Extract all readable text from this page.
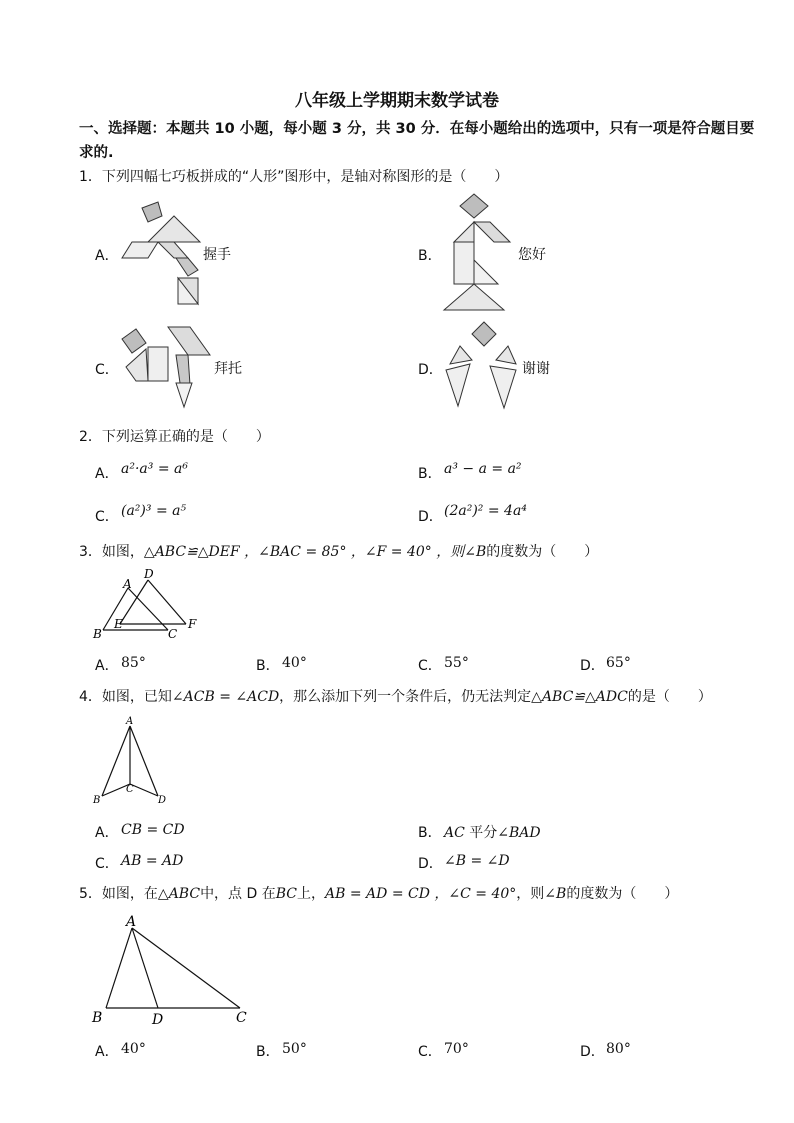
八年级上学期期末数学试卷
一、选择题：本题共 10 小题，每小题 3 分，共 30 分．在每小题给出的选项中，只有一项是符合题目要求的.
1．下列四幅七巧板拼成的“人形”图形中，是轴对称图形的是（　　）
A．	握手	B．	您好
C．	拜托	D．	谢谢
2．下列运算正确的是（　　）
A． a²·a³ = a⁶	B． a³ − a = a²
C． (a²)³ = a⁵	D． (2a²)² = 4a⁴
3．如图，△ABC≌△DEF ，∠BAC = 85° ，∠F = 40° ，则∠B的度数为（　　）
A
D
B
E
C
F
A． 85°	B． 40°	C． 55°	D． 65°
4．如图，已知∠ACB = ∠ACD，那么添加下列一个条件后，仍无法判定△ABC≌△ADC的是（　　）
A
C
B	D
A． CB = CD	B． AC 平分∠BAD
C． AB = AD	D． ∠B = ∠D
5．如图，在△ABC中，点 D 在BC上，AB = AD = CD ，∠C = 40°，则∠B的度数为（　　）
A
B	D	C
A． 40°	B． 50°	C． 70°	D． 80°
